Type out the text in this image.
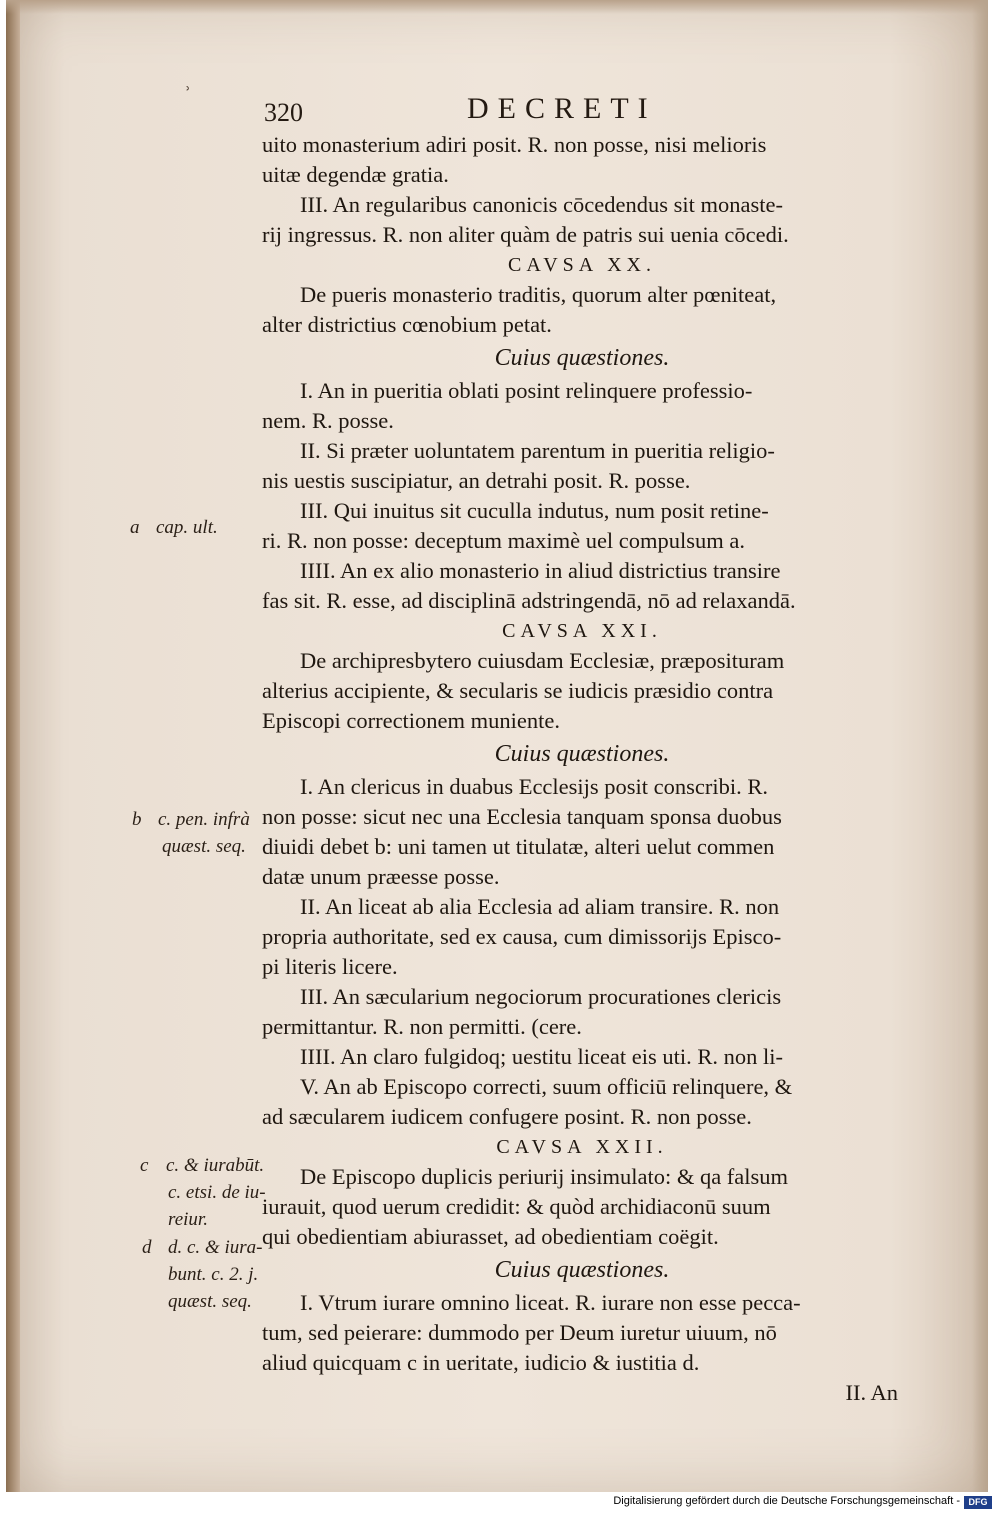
ʾ
320	DECRETI
uito monasterium adiri posit. R. non posse, nisi melioris
uitæ degendæ gratia.
III. An regularibus canonicis cōcedendus sit monaste-
rij ingressus. R. non aliter quàm de patris sui uenia cōcedi.
CAVSA XX.
De pueris monasterio traditis, quorum alter pœniteat,
alter districtius cœnobium petat.
Cuius quæstiones.
I. An in pueritia oblati posint relinquere professio-
nem. R. posse.
II. Si præter uoluntatem parentum in pueritia religio-
nis uestis suscipiatur, an detrahi posit. R. posse.
III. Qui inuitus sit cuculla indutus, num posit retine-
ri. R. non posse: deceptum maximè uel compulsum a.
IIII. An ex alio monasterio in aliud districtius transire
fas sit. R. esse, ad disciplinā adstringendā, nō ad relaxandā.
CAVSA XXI.
De archipresbytero cuiusdam Ecclesiæ, præposituram
alterius accipiente, & secularis se iudicis præsidio contra
Episcopi correctionem muniente.
Cuius quæstiones.
I. An clericus in duabus Ecclesijs posit conscribi. R.
non posse: sicut nec una Ecclesia tanquam sponsa duobus
diuidi debet b: uni tamen ut titulatæ, alteri uelut commen
datæ unum præesse posse.
II. An liceat ab alia Ecclesia ad aliam transire. R. non
propria authoritate, sed ex causa, cum dimissorijs Episco-
pi literis licere.
III. An sæcularium negociorum procurationes clericis
permittantur. R. non permitti. (cere.
IIII. An claro fulgidoq; uestitu liceat eis uti. R. non li-
V. An ab Episcopo correcti, suum officiū relinquere, &
ad sæcularem iudicem confugere posint. R. non posse.
CAVSA XXII.
De Episcopo duplicis periurij insimulato: & qa falsum
iurauit, quod uerum credidit: & quòd archidiaconū suum
qui obedientiam abiurasset, ad obedientiam coëgit.
Cuius quæstiones.
I. Vtrum iurare omnino liceat. R. iurare non esse pecca-
tum, sed peierare: dummodo per Deum iuretur uiuum, nō
aliud quicquam c in ueritate, iudicio & iustitia d.
II. An
a cap. ult.
b c. pen. infrà
quæst. seq.
c c. & iurabūt.
c. etsi. de iu-
reiur.
d d. c. & iura-
bunt. c. 2. j.
quæst. seq.
Digitalisierung gefördert durch die Deutsche Forschungsgemeinschaft - DFG
